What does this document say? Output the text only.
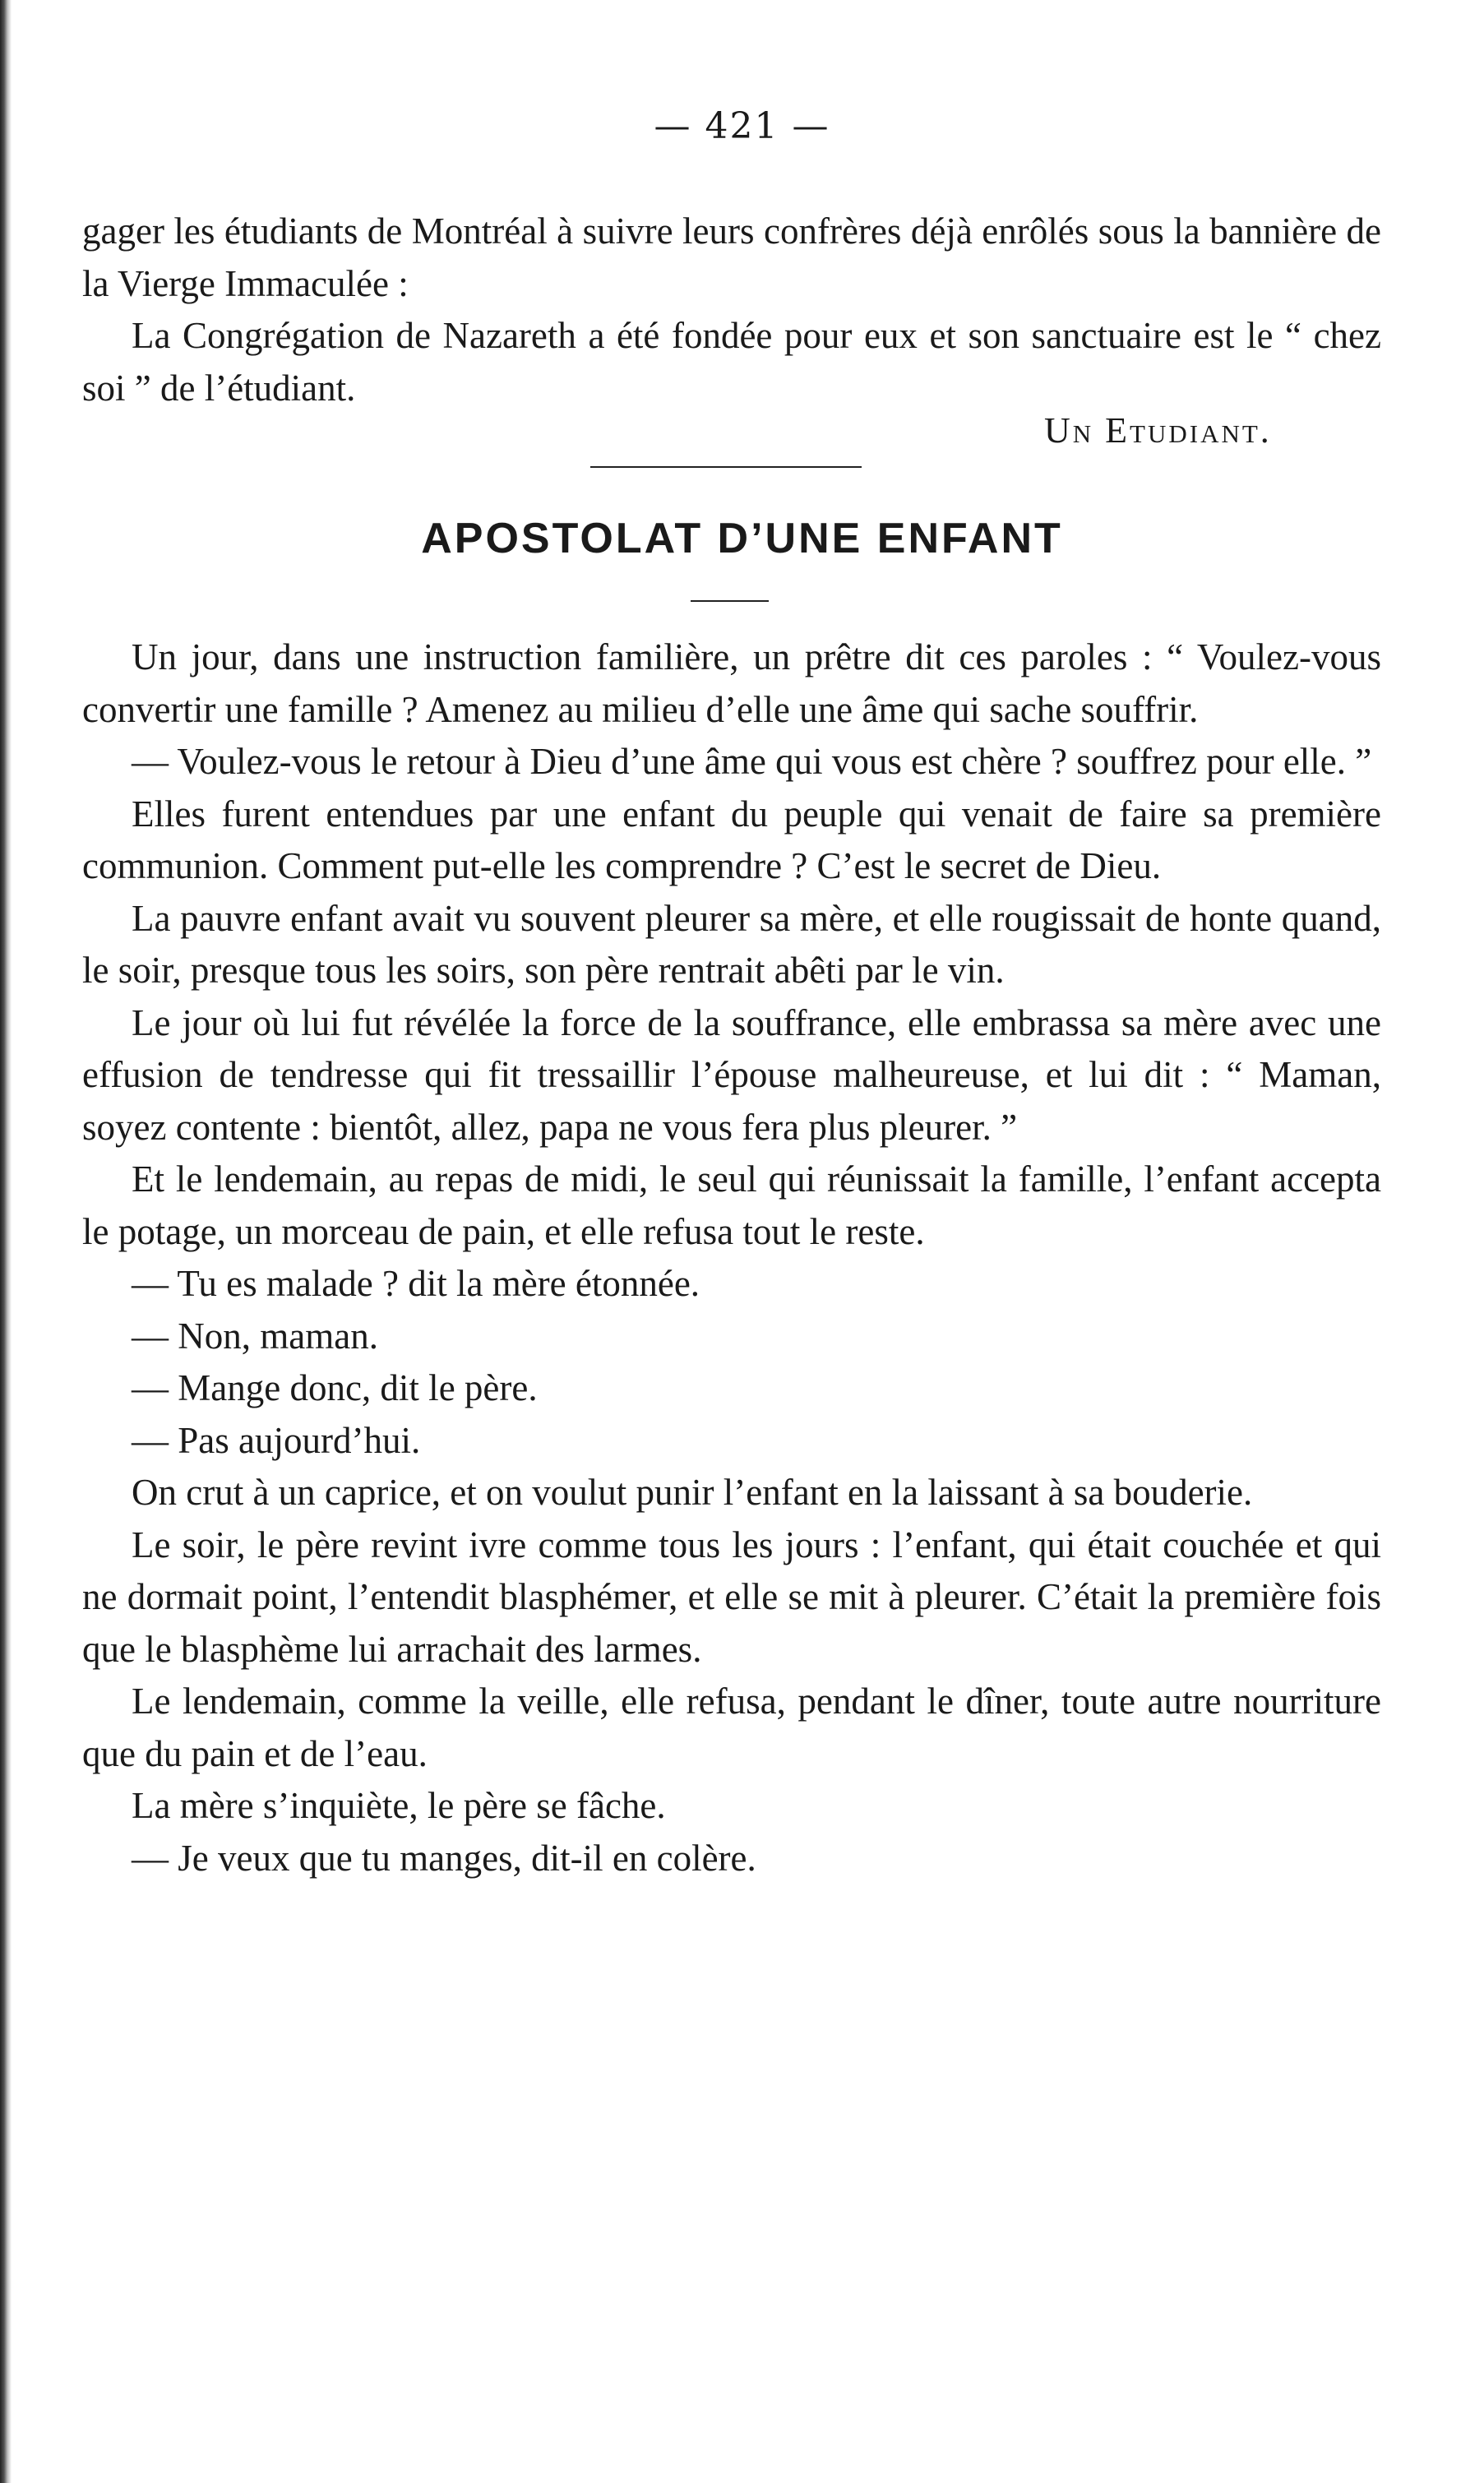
— 421 —

gager les étudiants de Montréal à suivre leurs confrères déjà enrôlés sous la bannière de la Vierge Immaculée :

La Congrégation de Nazareth a été fondée pour eux et son sanctuaire est le “ chez soi ” de l’étudiant.

Un Etudiant.
APOSTOLAT D’UNE ENFANT

Un jour, dans une instruction familière, un prêtre dit ces paroles : “ Voulez-vous convertir une famille ? Amenez au milieu d’elle une âme qui sache souffrir.

— Voulez-vous le retour à Dieu d’une âme qui vous est chère ? souffrez pour elle. ”

Elles furent entendues par une enfant du peuple qui venait de faire sa première communion. Comment put-elle les comprendre ? C’est le secret de Dieu.

La pauvre enfant avait vu souvent pleurer sa mère, et elle rougissait de honte quand, le soir, presque tous les soirs, son père rentrait abêti par le vin.

Le jour où lui fut révélée la force de la souffrance, elle embrassa sa mère avec une effusion de tendresse qui fit tressaillir l’épouse malheureuse, et lui dit : “ Maman, soyez contente : bientôt, allez, papa ne vous fera plus pleurer. ”

Et le lendemain, au repas de midi, le seul qui réunissait la famille, l’enfant accepta le potage, un morceau de pain, et elle refusa tout le reste.

— Tu es malade ? dit la mère étonnée.

— Non, maman.

— Mange donc, dit le père.

— Pas aujourd’hui.

On crut à un caprice, et on voulut punir l’enfant en la laissant à sa bouderie.

Le soir, le père revint ivre comme tous les jours : l’enfant, qui était couchée et qui ne dormait point, l’entendit blasphémer, et elle se mit à pleurer. C’était la première fois que le blasphème lui arrachait des larmes.

Le lendemain, comme la veille, elle refusa, pendant le dîner, toute autre nourriture que du pain et de l’eau.

La mère s’inquiète, le père se fâche.

— Je veux que tu manges, dit-il en colère.
